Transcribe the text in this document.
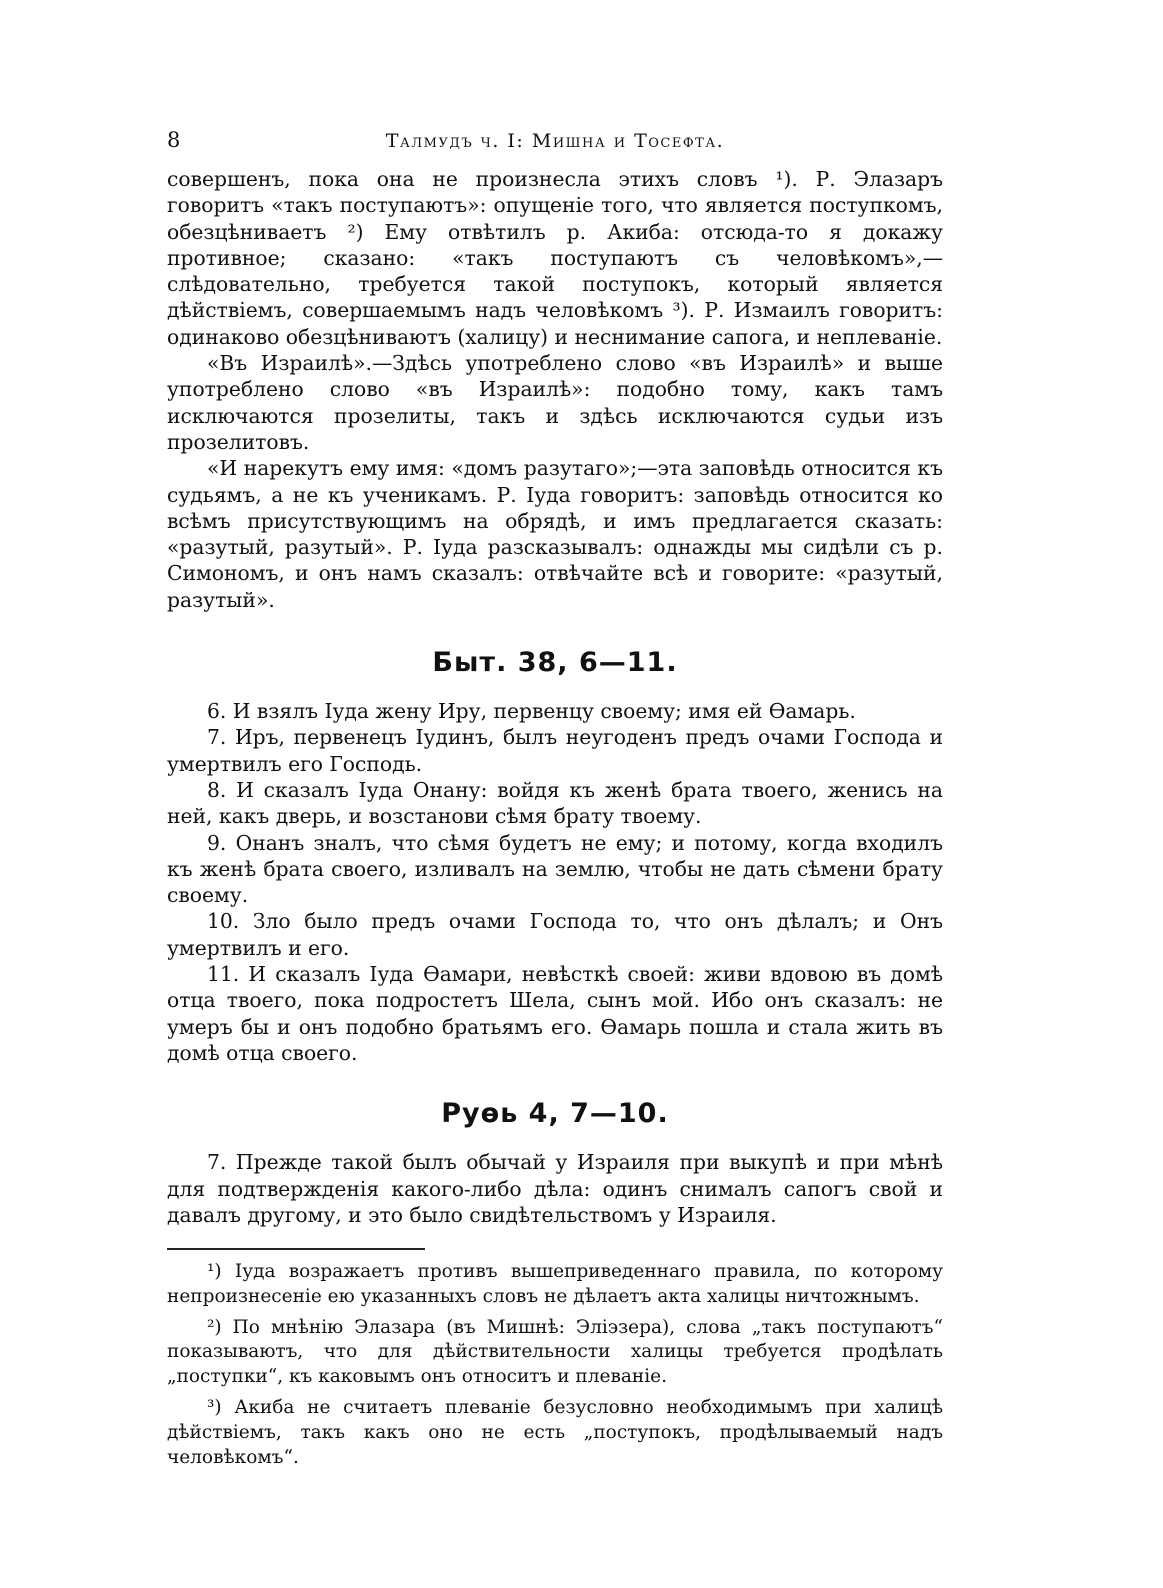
8	Талмудъ ч. I: Мишна и Тосефта.

совершенъ, пока она не произнесла этихъ словъ ¹). Р. Элазаръ говоритъ «такъ поступаютъ»: опущеніе того, что является поступкомъ, обезцѣниваетъ ²) Ему отвѣтилъ р. Акиба: отсюда-то я докажу противное; сказано: «такъ поступаютъ съ человѣкомъ»,—слѣдовательно, требуется такой поступокъ, который является дѣйствіемъ, совершаемымъ надъ человѣкомъ ³). Р. Измаилъ говоритъ: одинаково обезцѣниваютъ (халицу) и неснимание сапога, и неплеваніе.

«Въ Израилѣ».—Здѣсь употреблено слово «въ Израилѣ» и выше употреблено слово «въ Израилѣ»: подобно тому, какъ тамъ исключаются прозелиты, такъ и здѣсь исключаются судьи изъ прозелитовъ.

«И нарекутъ ему имя: «домъ разутаго»;—эта заповѣдь относится къ судьямъ, а не къ ученикамъ. Р. Іуда говоритъ: заповѣдь относится ко всѣмъ присутствующимъ на обрядѣ, и имъ предлагается сказать: «разутый, разутый». Р. Іуда разсказывалъ: однажды мы сидѣли съ р. Симономъ, и онъ намъ сказалъ: отвѣчайте всѣ и говорите: «разутый, разутый».

Быт. 38, 6—11.

6. И взялъ Іуда жену Иру, первенцу своему; имя ей Ѳамарь.

7. Иръ, первенецъ Іудинъ, былъ неугоденъ предъ очами Господа и умертвилъ его Господь.

8. И сказалъ Іуда Онану: войдя къ женѣ брата твоего, женись на ней, какъ дверь, и возстанови сѣмя брату твоему.

9. Онанъ зналъ, что сѣмя будетъ не ему; и потому, когда входилъ къ женѣ брата своего, изливалъ на землю, чтобы не дать сѣмени брату своему.

10. Зло было предъ очами Господа то, что онъ дѣлалъ; и Онъ умертвилъ и его.

11. И сказалъ Іуда Ѳамари, невѣсткѣ своей: живи вдовою въ домѣ отца твоего, пока подростетъ Шела, сынъ мой. Ибо онъ сказалъ: не умеръ бы и онъ подобно братьямъ его. Ѳамарь пошла и стала жить въ домѣ отца своего.

Руѳь 4, 7—10.

7. Прежде такой былъ обычай у Израиля при выкупѣ и при мѣнѣ для подтвержденія какого-либо дѣла: одинъ снималъ сапогъ свой и давалъ другому, и это было свидѣтельствомъ у Израиля.

¹) Іуда возражаетъ противъ вышеприведеннаго правила, по которому непроизнесеніе ею указанныхъ словъ не дѣлаетъ акта халицы ничтожнымъ.

²) По мнѣнію Элазара (въ Мишнѣ: Эліэзера), слова „такъ поступаютъ“ показываютъ, что для дѣйствительности халицы требуется продѣлать „поступки“, къ каковымъ онъ относитъ и плеваніе.

³) Акиба не считаетъ плеваніе безусловно необходимымъ при халицѣ дѣйствіемъ, такъ какъ оно не есть „поступокъ, продѣлываемый надъ человѣкомъ“.
